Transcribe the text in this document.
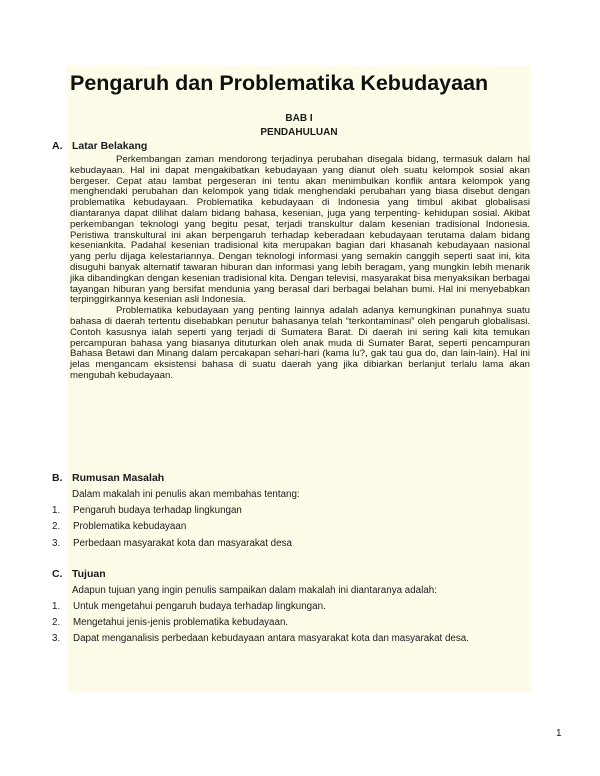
Pengaruh dan Problematika Kebudayaan
BAB I
PENDAHULUAN
A. Latar Belakang

Perkembangan zaman mendorong terjadinya perubahan disegala bidang, termasuk dalam hal kebudayaan. Hal ini dapat mengakibatkan kebudayaan yang dianut oleh suatu kelompok sosial akan bergeser. Cepat atau lambat pergeseran ini tentu akan menimbulkan konflik antara kelompok yang menghendaki perubahan dan kelompok yang tidak menghendaki perubahan yang biasa disebut dengan problematika kebudayaan. Problematika kebudayaan di Indonesia yang timbul akibat globalisasi diantaranya dapat dilihat dalam bidang bahasa, kesenian, juga yang terpenting- kehidupan sosial. Akibat perkembangan teknologi yang begitu pesat, terjadi transkultur dalam kesenian tradisional Indonesia. Peristiwa transkultural ini akan berpengaruh terhadap keberadaan kebudayaan terutama dalam bidang keseniankita. Padahal kesenian tradisional kita merupakan bagian dari khasanah kebudayaan nasional yang perlu dijaga kelestariannya. Dengan teknologi informasi yang semakin canggih seperti saat ini, kita disuguhi banyak alternatif tawaran hiburan dan informasi yang lebih beragam, yang mungkin lebih menarik jika dibandingkan dengan kesenian tradisional kita. Dengan televisi, masyarakat bisa menyaksikan berbagai tayangan hiburan yang bersifat mendunia yang berasal dari berbagai belahan bumi. Hal ini menyebabkan terpinggirkannya kesenian asli Indonesia.

Problematika kebudayaan yang penting lainnya adalah adanya kemungkinan punahnya suatu bahasa di daerah tertentu disebabkan penutur bahasanya telah “terkontaminasi” oleh pengaruh globalisasi. Contoh kasusnya ialah seperti yang terjadi di Sumatera Barat. Di daerah ini sering kali kita temukan percampuran bahasa yang biasanya dituturkan oleh anak muda di Sumater Barat, seperti pencampuran Bahasa Betawi dan Minang dalam percakapan sehari-hari (kama lu?, gak tau gua do, dan lain-lain). Hal ini jelas mengancam eksistensi bahasa di suatu daerah yang jika dibiarkan berlanjut terlalu lama akan mengubah kebudayaan.

B. Rumusan Masalah
Dalam makalah ini penulis akan membahas tentang:
1. Pengaruh budaya terhadap lingkungan
2. Problematika kebudayaan
3. Perbedaan masyarakat kota dan masyarakat desa
C. Tujuan
Adapun tujuan yang ingin penulis sampaikan dalam makalah ini diantaranya adalah:
1. Untuk mengetahui pengaruh budaya terhadap lingkungan.
2. Mengetahui jenis-jenis problematika kebudayaan.
3. Dapat menganalisis perbedaan kebudayaan antara masyarakat kota dan masyarakat desa.
1
